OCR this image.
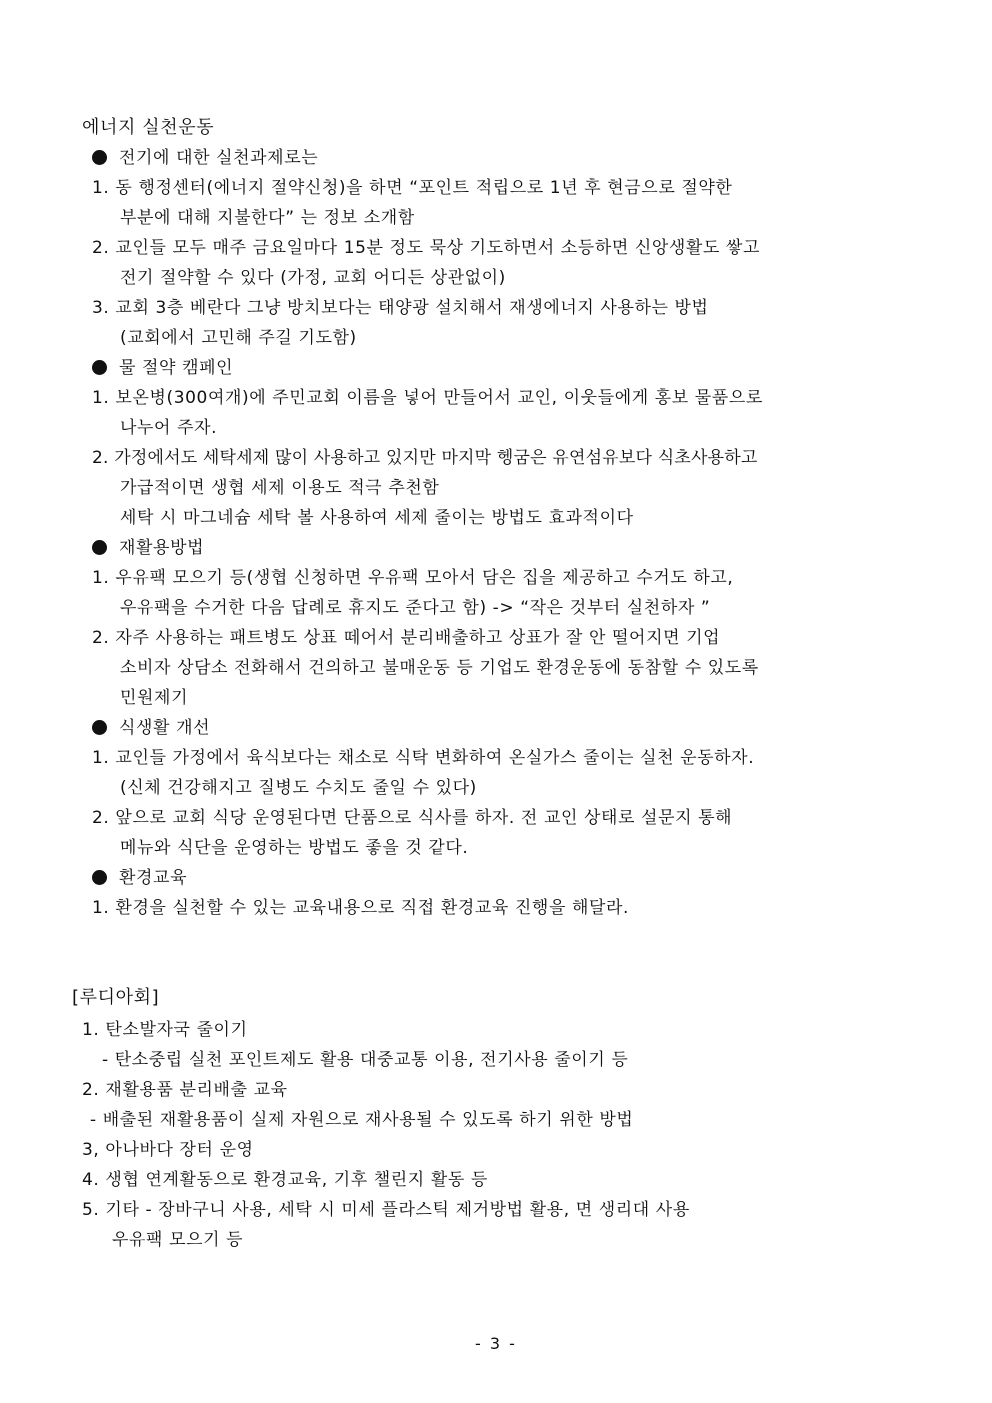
에너지 실천운동
전기에 대한 실천과제로는
1. 동 행정센터(에너지 절약신청)을 하면 “포인트 적립으로 1년 후 현금으로 절약한
부분에 대해 지불한다” 는 정보 소개함
2. 교인들 모두 매주 금요일마다 15분 정도 묵상 기도하면서 소등하면 신앙생활도 쌓고
전기 절약할 수 있다 (가정, 교회 어디든 상관없이)
3. 교회 3층 베란다 그냥 방치보다는 태양광 설치해서 재생에너지 사용하는 방법
(교회에서 고민해 주길 기도함)
물 절약 캠페인
1. 보온병(300여개)에 주민교회 이름을 넣어 만들어서 교인, 이웃들에게 홍보 물품으로
나누어 주자.
2. 가정에서도 세탁세제 많이 사용하고 있지만 마지막 헹굼은 유연섬유보다 식초사용하고
가급적이면 생협 세제 이용도 적극 추천함
세탁 시 마그네슘 세탁 볼 사용하여 세제 줄이는 방법도 효과적이다
재활용방법
1. 우유팩 모으기 등(생협 신청하면 우유팩 모아서 담은 집을 제공하고 수거도 하고,
우유팩을 수거한 다음 답례로 휴지도 준다고 함) -> “작은 것부터 실천하자 ”
2. 자주 사용하는 패트병도 상표 떼어서 분리배출하고 상표가 잘 안 떨어지면 기업
소비자 상담소 전화해서 건의하고 불매운동 등 기업도 환경운동에 동참할 수 있도록
민원제기
식생활 개선
1. 교인들 가정에서 육식보다는 채소로 식탁 변화하여 온실가스 줄이는 실천 운동하자.
(신체 건강해지고 질병도 수치도 줄일 수 있다)
2. 앞으로 교회 식당 운영된다면 단품으로 식사를 하자. 전 교인 상태로 설문지 통해
메뉴와 식단을 운영하는 방법도 좋을 것 같다.
환경교육
1. 환경을 실천할 수 있는 교육내용으로 직접 환경교육 진행을 해달라.
[루디아회]
1. 탄소발자국 줄이기
- 탄소중립 실천 포인트제도 활용 대중교통 이용, 전기사용 줄이기 등
2. 재활용품 분리배출 교육
- 배출된 재활용품이 실제 자원으로 재사용될 수 있도록 하기 위한 방법
3, 아나바다 장터 운영
4. 생협 연계활동으로 환경교육, 기후 챌린지 활동 등
5. 기타 - 장바구니 사용, 세탁 시 미세 플라스틱 제거방법 활용, 면 생리대 사용
우유팩 모으기 등
- 3 -
